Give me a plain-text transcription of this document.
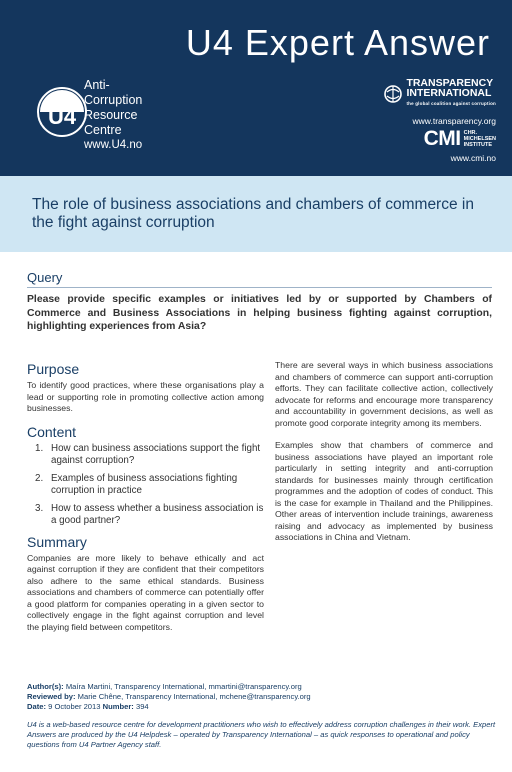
U4 Expert Answer
U4
Anti-
Corruption
Resource
Centre
www.U4.no
TRANSPARENCY
INTERNATIONAL
the global coalition against corruption
www.transparency.org
CMI CHR.
MICHELSEN
INSTITUTE
www.cmi.no
The role of business associations and chambers of commerce in the fight against corruption
Query
Please provide specific examples or initiatives led by or supported by Chambers of Commerce and Business Associations in helping business fighting against corruption, highlighting experiences from Asia?
Purpose
To identify good practices, where these organisations play a lead or supporting role in promoting collective action among businesses.
Content
1. How can business associations support the fight against corruption?
2. Examples of business associations fighting corruption in practice
3. How to assess whether a business association is a good partner?
Summary
Companies are more likely to behave ethically and act against corruption if they are confident that their competitors also adhere to the same ethical standards. Business associations and chambers of commerce can potentially offer a good platform for companies operating in a given sector to collectively engage in the fight against corruption and level the playing field between competitors.
There are several ways in which business associations and chambers of commerce can support anti-corruption efforts. They can facilitate collective action, collectively advocate for reforms and encourage more transparency and accountability in government decisions, as well as promote good corporate integrity among its members.
Examples show that chambers of commerce and business associations have played an important role particularly in setting integrity and anti-corruption standards for businesses mainly through certification programmes and the adoption of codes of conduct. This is the case for example in Thailand and the Philippines. Other areas of intervention include trainings, awareness raising and advocacy as implemented by business associations in China and Vietnam.
Author(s): Maíra Martini, Transparency International, mmartini@transparency.org
Reviewed by: Marie Chêne, Transparency International, mchene@transparency.org
Date: 9 October 2013 Number: 394
U4 is a web-based resource centre for development practitioners who wish to effectively address corruption challenges in their work. Expert Answers are produced by the U4 Helpdesk – operated by Transparency International – as quick responses to operational and policy questions from U4 Partner Agency staff.
